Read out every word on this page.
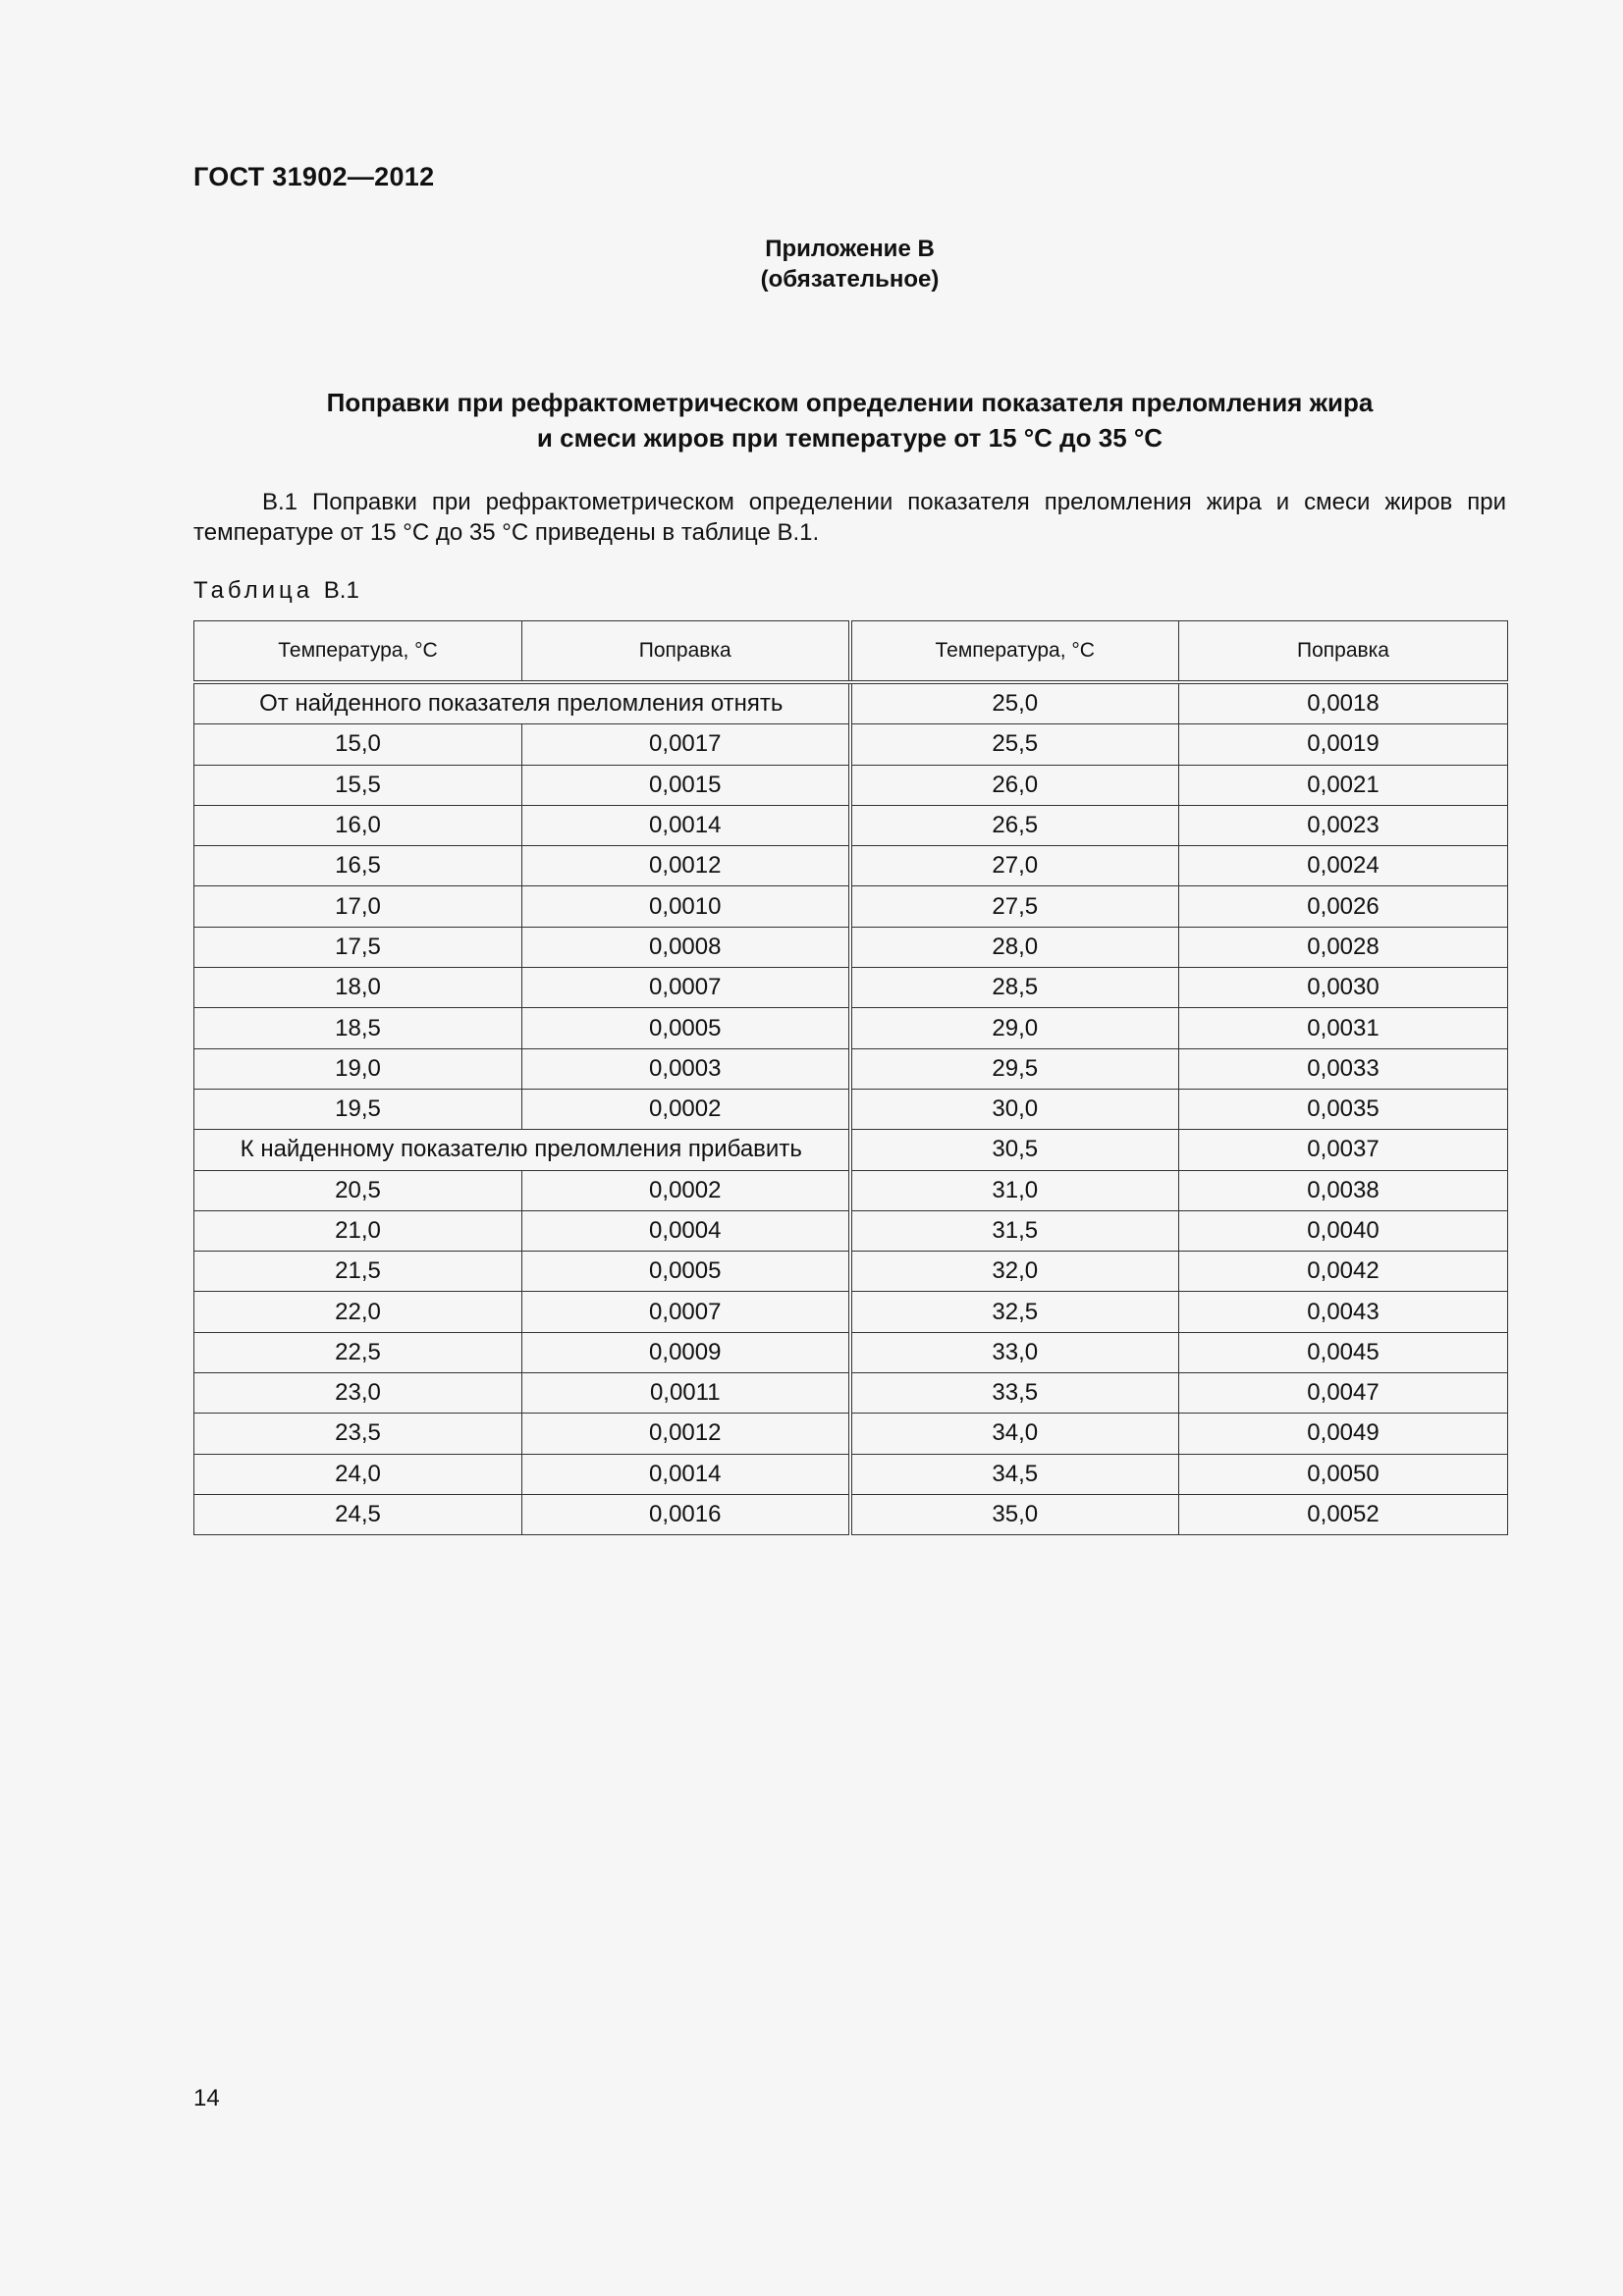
ГОСТ 31902—2012
Приложение В
(обязательное)
Поправки при рефрактометрическом определении показателя преломления жира
и смеси жиров при температуре от 15 °С до 35 °С
В.1 Поправки при рефрактометрическом определении показателя преломления жира и смеси жиров при температуре от 15 °С до 35 °С приведены в таблице В.1.
Таблица В.1
Температура, °С	Поправка	Температура, °С	Поправка
От найденного показателя преломления отнять		25,0	0,0018
15,0	0,0017	25,5	0,0019
15,5	0,0015	26,0	0,0021
16,0	0,0014	26,5	0,0023
16,5	0,0012	27,0	0,0024
17,0	0,0010	27,5	0,0026
17,5	0,0008	28,0	0,0028
18,0	0,0007	28,5	0,0030
18,5	0,0005	29,0	0,0031
19,0	0,0003	29,5	0,0033
19,5	0,0002	30,0	0,0035
К найденному показателю преломления прибавить		30,5	0,0037
20,5	0,0002	31,0	0,0038
21,0	0,0004	31,5	0,0040
21,5	0,0005	32,0	0,0042
22,0	0,0007	32,5	0,0043
22,5	0,0009	33,0	0,0045
23,0	0,0011	33,5	0,0047
23,5	0,0012	34,0	0,0049
24,0	0,0014	34,5	0,0050
24,5	0,0016	35,0	0,0052
14
